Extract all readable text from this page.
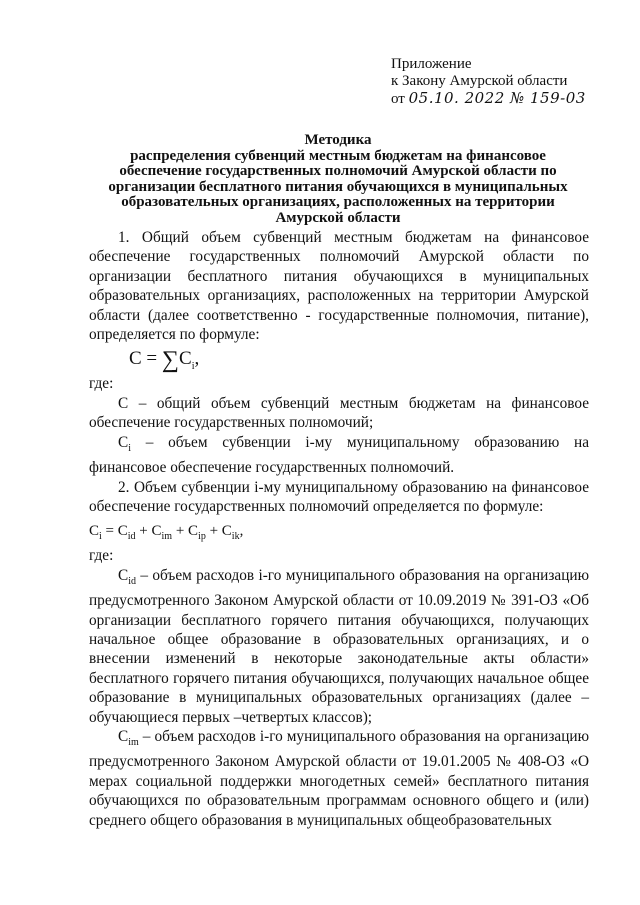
Приложение
к Закону Амурской области
от 05.10. 2022 № 159-03
Методика
распределения субвенций местным бюджетам на финансовое
обеспечение государственных полномочий Амурской области по
организации бесплатного питания обучающихся в муниципальных
образовательных организациях, расположенных на территории
Амурской области

1. Общий объем субвенций местным бюджетам на финансовое обеспечение государственных полномочий Амурской области по организации бесплатного питания обучающихся в муниципальных образовательных организациях, расположенных на территории Амурской области (далее соответственно - государственные полномочия, питание), определяется по формуле:

$С = \sum С_i$,

где:

С – общий объем субвенций местным бюджетам на финансовое обеспечение государственных полномочий;

$С_i$ – объем субвенции i-му муниципальному образованию на финансовое обеспечение государственных полномочий.

2. Объем субвенции i-му муниципальному образованию на финансовое обеспечение государственных полномочий определяется по формуле:

$С_i = С_{id} + С_{im} + С_{ip} + С_{ik}$,

где:

$С_{id}$ – объем расходов i-го муниципального образования на организацию предусмотренного Законом Амурской области от 10.09.2019 № 391-ОЗ «Об организации бесплатного горячего питания обучающихся, получающих начальное общее образование в образовательных организациях, и о внесении изменений в некоторые законодательные акты области» бесплатного горячего питания обучающихся, получающих начальное общее образование в муниципальных образовательных организациях (далее – обучающиеся первых –четвертых классов);

$С_{im}$ – объем расходов i-го муниципального образования на организацию предусмотренного Законом Амурской области от 19.01.2005 № 408-ОЗ «О мерах социальной поддержки многодетных семей» бесплатного питания обучающихся по образовательным программам основного общего и (или) среднего общего образования в муниципальных общеобразовательных
